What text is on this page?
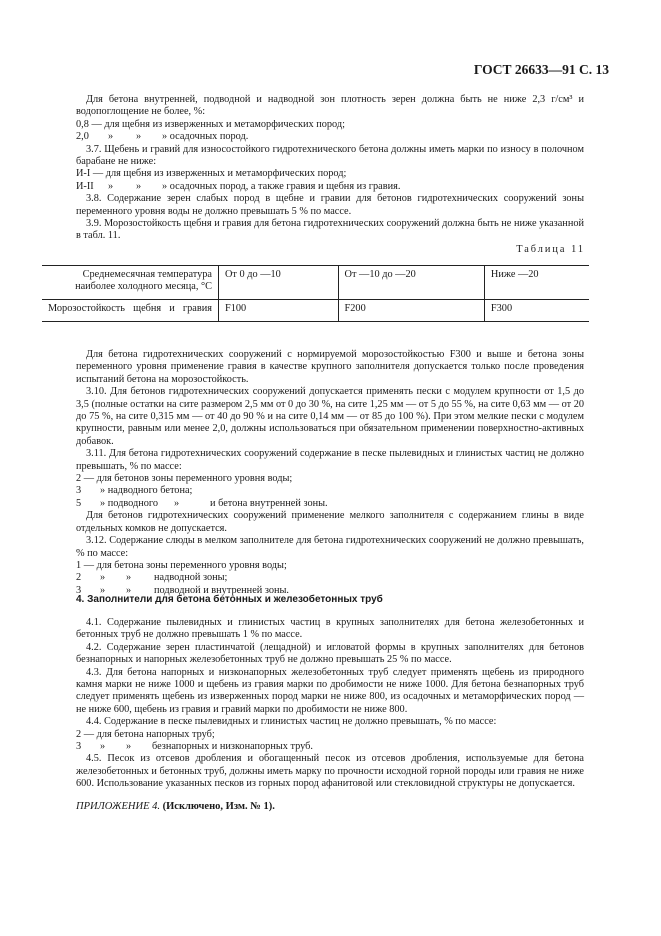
ГОСТ 26633—91 С. 13

Для бетона внутренней, подводной и надводной зон плотность зерен должна быть не ниже 2,3 г/см³ и водопоглощение не более, %:

0,8 — для щебня из изверженных и метаморфических пород;
2,0	»	»	» осадочных пород.

3.7. Щебень и гравий для износостойкого гидротехнического бетона должны иметь марки по износу в полочном барабане не ниже:

И-I — для щебня из изверженных и метаморфических пород;
И-II	»	»	» осадочных пород, а также гравия и щебня из гравия.

3.8. Содержание зерен слабых пород в щебне и гравии для бетонов гидротехнических сооружений зоны переменного уровня воды не должно превышать 5 % по массе.

3.9. Морозостойкость щебня и гравия для бетона гидротехнических сооружений должна быть не ниже указанной в табл. 11.

Таблица 11
Среднемесячная температура наиболее холодного месяца, °С	От 0 до —10	От —10 до —20	Ниже —20
Морозостойкость щебня и гравия	F100	F200	F300

Для бетона гидротехнических сооружений с нормируемой морозостойкостью F300 и выше и бетона зоны переменного уровня применение гравия в качестве крупного заполнителя допускается только после проведения испытаний бетона на морозостойкость.

3.10. Для бетонов гидротехнических сооружений допускается применять пески с модулем крупности от 1,5 до 3,5 (полные остатки на сите размером 2,5 мм от 0 до 30 %, на сите 1,25 мм — от 5 до 55 %, на сите 0,63 мм — от 20 до 75 %, на сите 0,315 мм — от 40 до 90 % и на сите 0,14 мм — от 85 до 100 %). При этом мелкие пески с модулем крупности, равным или менее 2,0, должны использоваться при обязательном применении поверхностно-активных добавок.

3.11. Для бетона гидротехнических сооружений содержание в песке пылевидных и глинистых частиц не должно превышать, % по массе:

2 — для бетонов зоны переменного уровня воды;
3	» надводного бетона;
5	» подводного	»	и бетона внутренней зоны.

Для бетонов гидротехнических сооружений применение мелкого заполнителя с содержанием глины в виде отдельных комков не допускается.

3.12. Содержание слюды в мелком заполнителе для бетона гидротехнических сооружений не должно превышать, % по массе:

1 — для бетона зоны переменного уровня воды;
2	»	»	надводной зоны;
3	»	»	подводной и внутренней зоны.
4. Заполнители для бетона бетонных и железобетонных труб

4.1. Содержание пылевидных и глинистых частиц в крупных заполнителях для бетона железобетонных и бетонных труб не должно превышать 1 % по массе.

4.2. Содержание зерен пластинчатой (лещадной) и игловатой формы в крупных заполнителях для бетонов безнапорных и напорных железобетонных труб не должно превышать 25 % по массе.

4.3. Для бетона напорных и низконапорных железобетонных труб следует применять щебень из природного камня марки не ниже 1000 и щебень из гравия марки по дробимости не ниже 1000. Для бетона безнапорных труб следует применять щебень из изверженных пород марки не ниже 800, из осадочных и метаморфических пород — не ниже 600, щебень из гравия и гравий марки по дробимости не ниже 800.

4.4. Содержание в песке пылевидных и глинистых частиц не должно превышать, % по массе:

2 — для бетона напорных труб;
3	»	»	безнапорных и низконапорных труб.

4.5. Песок из отсевов дробления и обогащенный песок из отсевов дробления, используемые для бетона железобетонных и бетонных труб, должны иметь марку по прочности исходной горной породы или гравия не ниже 600. Использование указанных песков из горных пород афанитовой или стекловидной структуры не допускается.

ПРИЛОЖЕНИЕ 4. (Исключено, Изм. № 1).
